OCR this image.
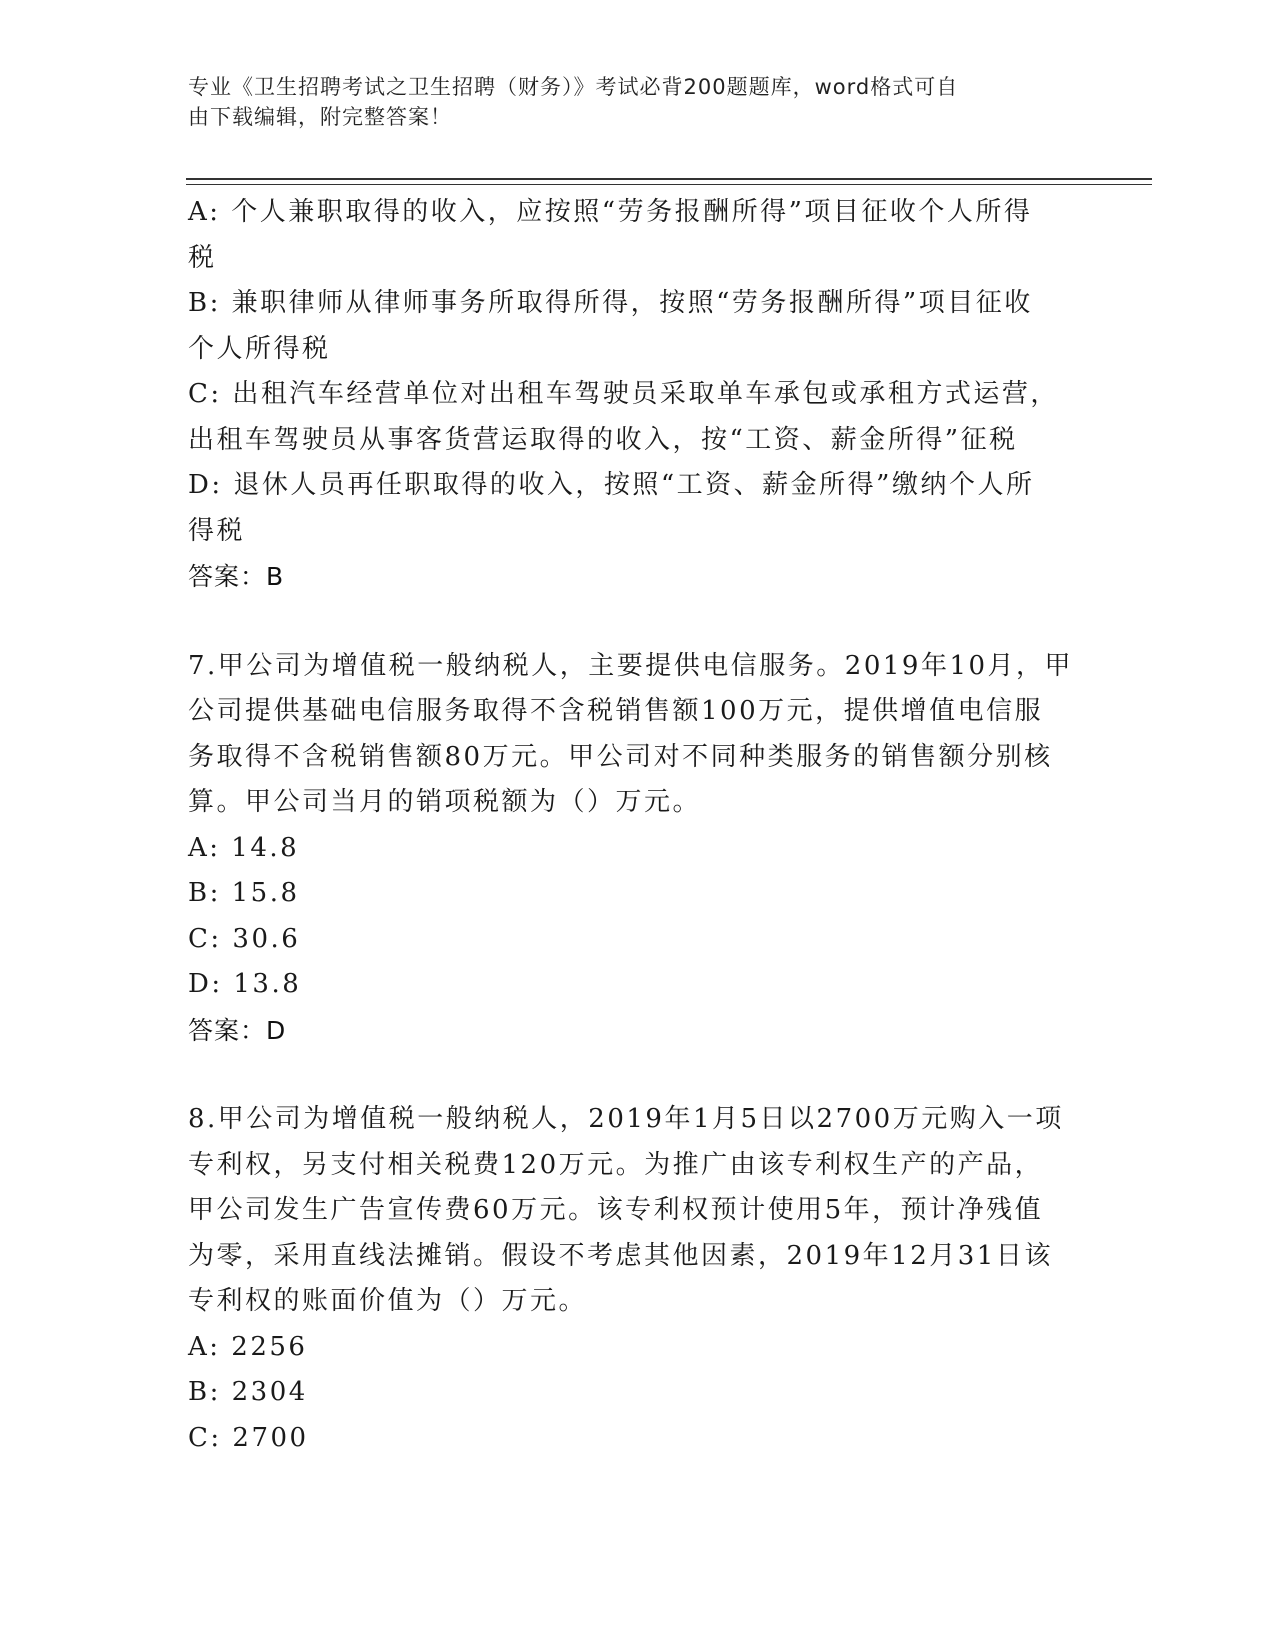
专业《卫生招聘考试之卫生招聘（财务）》考试必背200题题库，word格式可自
由下载编辑，附完整答案！
A: 个人兼职取得的收入，应按照“劳务报酬所得”项目征收个人所得
税
B: 兼职律师从律师事务所取得所得，按照“劳务报酬所得”项目征收
个人所得税
C: 出租汽车经营单位对出租车驾驶员采取单车承包或承租方式运营，
出租车驾驶员从事客货营运取得的收入，按“工资、薪金所得”征税
D: 退休人员再任职取得的收入，按照“工资、薪金所得”缴纳个人所
得税
答案：B
7.甲公司为增值税一般纳税人，主要提供电信服务。2019年10月，甲
公司提供基础电信服务取得不含税销售额100万元，提供增值电信服
务取得不含税销售额80万元。甲公司对不同种类服务的销售额分别核
算。甲公司当月的销项税额为（）万元。
A: 14.8
B: 15.8
C: 30.6
D: 13.8
答案：D
8.甲公司为增值税一般纳税人，2019年1月5日以2700万元购入一项
专利权，另支付相关税费120万元。为推广由该专利权生产的产品，
甲公司发生广告宣传费60万元。该专利权预计使用5年，预计净残值
为零，采用直线法摊销。假设不考虑其他因素，2019年12月31日该
专利权的账面价值为（）万元。
A: 2256
B: 2304
C: 2700
